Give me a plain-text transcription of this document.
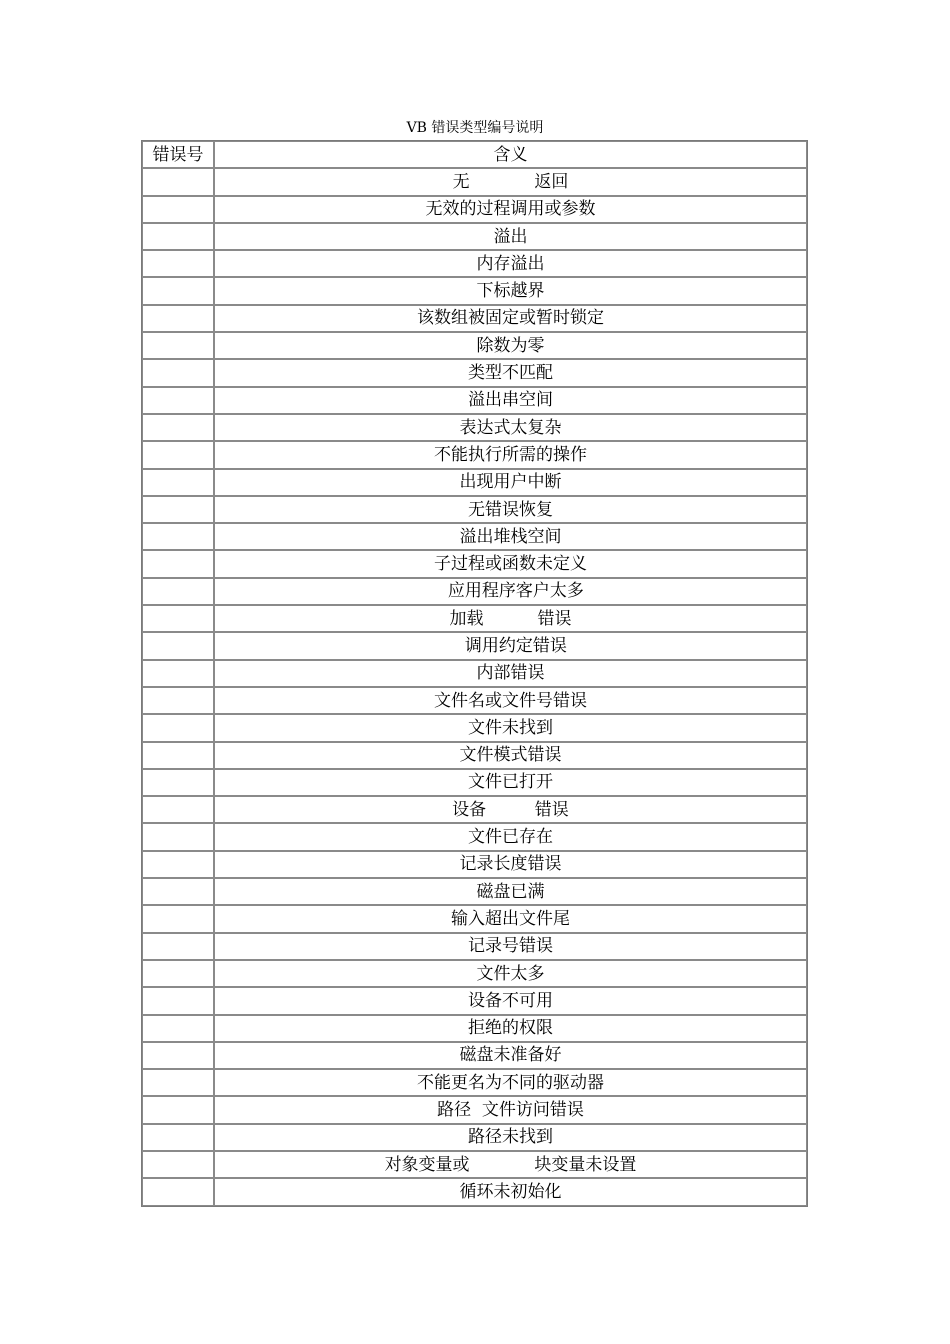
VB 错误类型编号说明
错误号	含义
	无            返回
	无效的过程调用或参数
	溢出
	内存溢出
	下标越界
	该数组被固定或暂时锁定
	除数为零
	类型不匹配
	溢出串空间
	表达式太复杂
	不能执行所需的操作
	出现用户中断
	无错误恢复
	溢出堆栈空间
	子过程或函数未定义
	应用程序客户太多
	加载          错误
	调用约定错误
	内部错误
	文件名或文件号错误
	文件未找到
	文件模式错误
	文件已打开
	设备         错误
	文件已存在
	记录长度错误
	磁盘已满
	输入超出文件尾
	记录号错误
	文件太多
	设备不可用
	拒绝的权限
	磁盘未准备好
	不能更名为不同的驱动器
	路径  文件访问错误
	路径未找到
	对象变量或            块变量未设置
	循环未初始化
